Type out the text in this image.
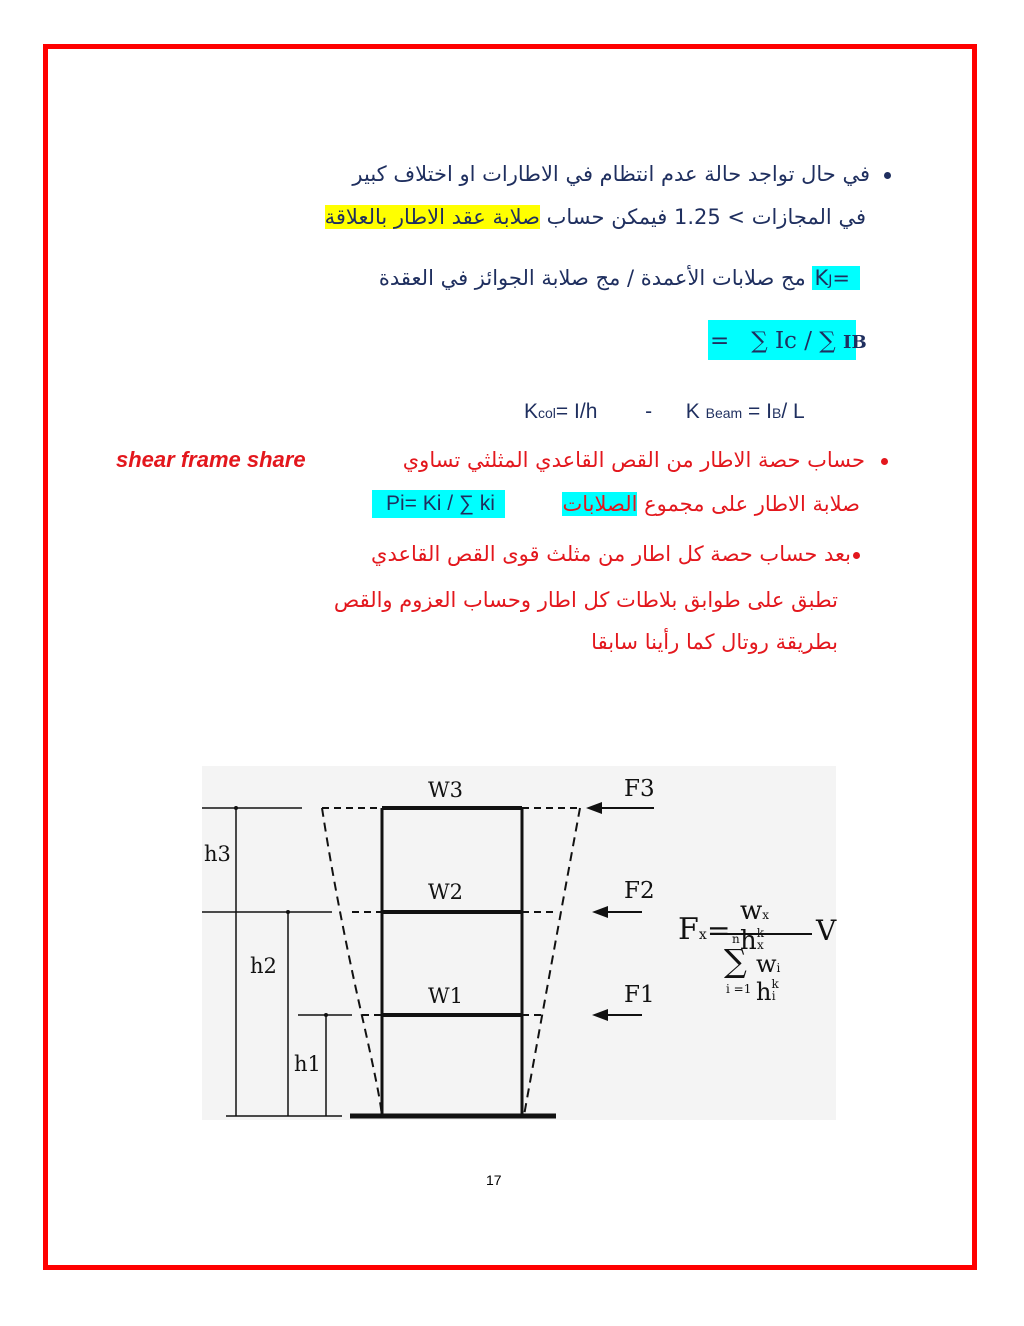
في حال تواجد حالة عدم انتظام في الاطارات او اختلاف كبير
في المجازات > 1.25 فيمكن حساب صلابة عقد الاطار بالعلاقة
=KJ مج صلابات الأعمدة / مج صلابة الجوائز في العقدة
= ∑ Ic / ∑ IB
Kcol= I/h - K Beam = IB/ L
shear frame share	حساب حصة الاطار من القص القاعدي المثلثي تساوي
صلابة الاطار على مجموع الصلابات
Pi= Ki / ∑ ki
بعد حساب حصة كل اطار من مثلث قوى القص القاعدي
تطبق على طوابق بلاطات كل اطار وحساب العزوم والقص
بطريقة روتال كما رأينا سابقا
W3
W2
W1
F3
F2
F1
h3
h2
h1
Fx =
wx $h^kx$	V
n
∑
i =1
wi $h^ki$
17
